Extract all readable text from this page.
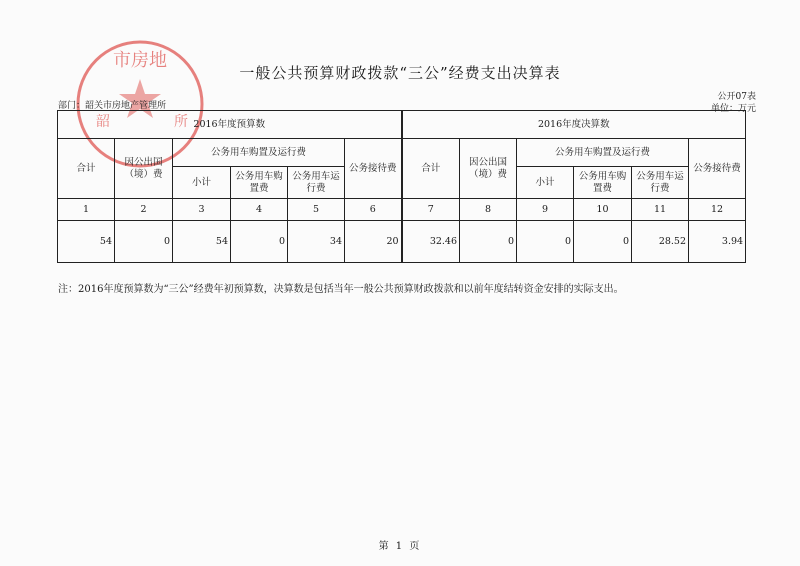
市房地
韶	所
一般公共预算财政拨款“三公”经费支出决算表
公开07表
单位：万元
部门：韶关市房地产管理所
2016年度预算数						2016年度决算数					
合计	因公出国（境）费	公务用车购置及运行费			公务接待费	合计	因公出国（境）费	公务用车购置及运行费			公务接待费
		小计	公务用车购置费	公务用车运行费				小计	公务用车购置费	公务用车运行费	
1	2	3	4	5	6	7	8	9	10	11	12
54	0	54	0	34	20	32.46	0	0	0	28.52	3.94
注：2016年度预算数为“三公”经费年初预算数，决算数是包括当年一般公共预算财政拨款和以前年度结转资金安排的实际支出。
第 1 页
